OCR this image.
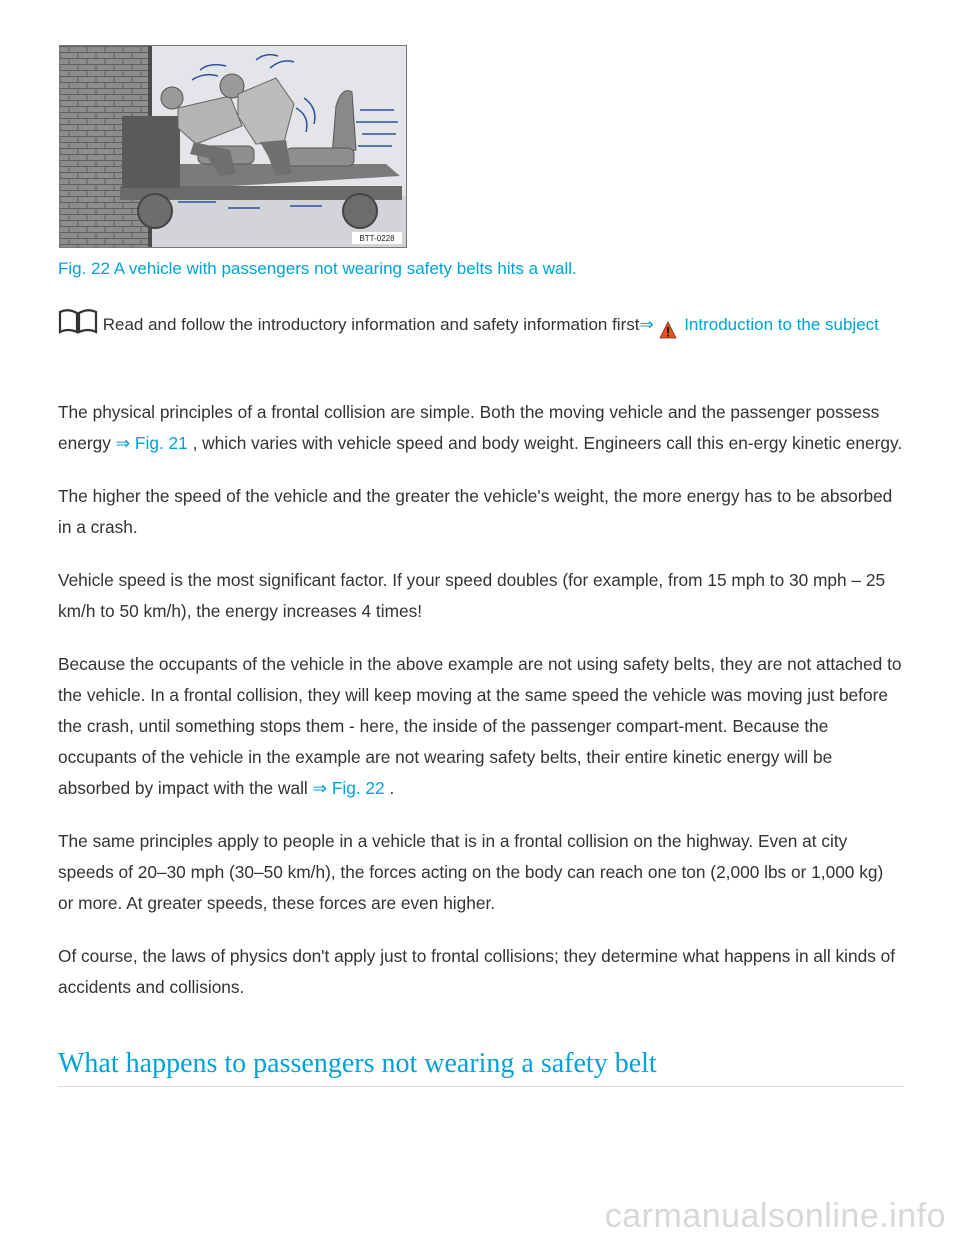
BTT-0228
Fig. 22 A vehicle with passengers not wearing safety belts hits a wall.
Read and follow the introductory information and safety information first⇒ Introduction to the subject

The physical principles of a frontal collision are simple. Both the moving vehicle and the passenger possess energy ⇒ Fig. 21 , which varies with vehicle speed and body weight. Engineers call this en-ergy kinetic energy.

The higher the speed of the vehicle and the greater the vehicle's weight, the more energy has to be absorbed in a crash.

Vehicle speed is the most significant factor. If your speed doubles (for example, from 15 mph to 30 mph – 25 km/h to 50 km/h), the energy increases 4 times!

Because the occupants of the vehicle in the above example are not using safety belts, they are not attached to the vehicle. In a frontal collision, they will keep moving at the same speed the vehicle was moving just before the crash, until something stops them - here, the inside of the passenger compart-ment. Because the occupants of the vehicle in the example are not wearing safety belts, their entire kinetic energy will be absorbed by impact with the wall ⇒ Fig. 22 .

The same principles apply to people in a vehicle that is in a frontal collision on the highway. Even at city speeds of 20–30 mph (30–50 km/h), the forces acting on the body can reach one ton (2,000 lbs or 1,000 kg) or more. At greater speeds, these forces are even higher.

Of course, the laws of physics don't apply just to frontal collisions; they determine what happens in all kinds of accidents and collisions.

What happens to passengers not wearing a safety belt
carmanualsonline.info
